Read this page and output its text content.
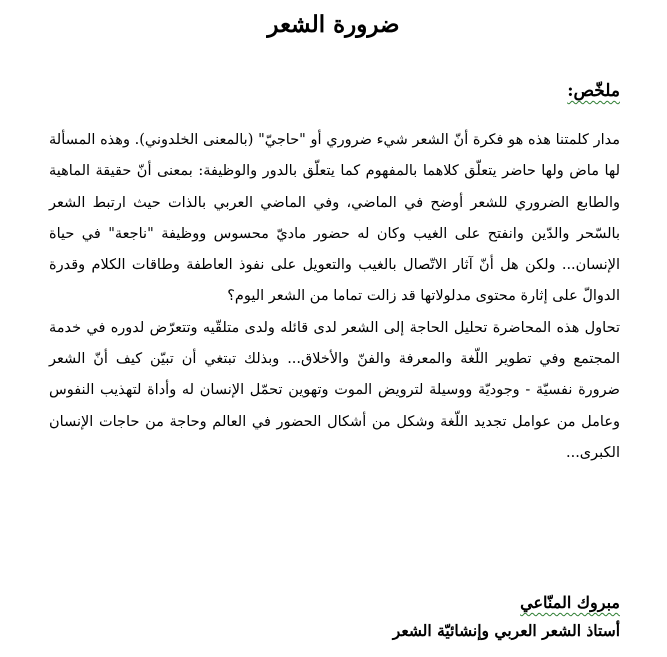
ضرورة الشعر
ملخّص:

مدار كلمتنا هذه هو فكرة أنّ الشعر شيء ضروري أو "حاجيّ" (بالمعنى الخلدوني). وهذه المسألة لها ماض ولها حاضر يتعلّق كلاهما بالمفهوم كما يتعلّق بالدور والوظيفة: بمعنى أنّ حقيقة الماهية والطابع الضروري للشعر أوضح في الماضي، وفي الماضي العربي بالذات حيث ارتبط الشعر بالسّحر والدّين وانفتح على الغيب وكان له حضور ماديّ محسوس ووظيفة "ناجعة" في حياة الإنسان... ولكن هل أنّ آثار الاتّصال بالغيب والتعويل على نفوذ العاطفة وطاقات الكلام وقدرة الدوالّ على إثارة محتوى مدلولاتها قد زالت تماما من الشعر اليوم؟

تحاول هذه المحاضرة تحليل الحاجة إلى الشعر لدى قائله ولدى متلقّيه وتتعرّض لدوره في خدمة المجتمع وفي تطوير اللّغة والمعرفة والفنّ والأخلاق... وبذلك تبتغي أن تبيّن كيف أنّ الشعر ضرورة نفسيّة - وجوديّة ووسيلة لترويض الموت وتهوين تحمّل الإنسان له وأداة لتهذيب النفوس وعامل من عوامل تجديد اللّغة وشكل من أشكال الحضور في العالم وحاجة من حاجات الإنسان الكبرى...

مبروك المنّاعي
أستاذ الشعر العربي وإنشائيّة الشعر
